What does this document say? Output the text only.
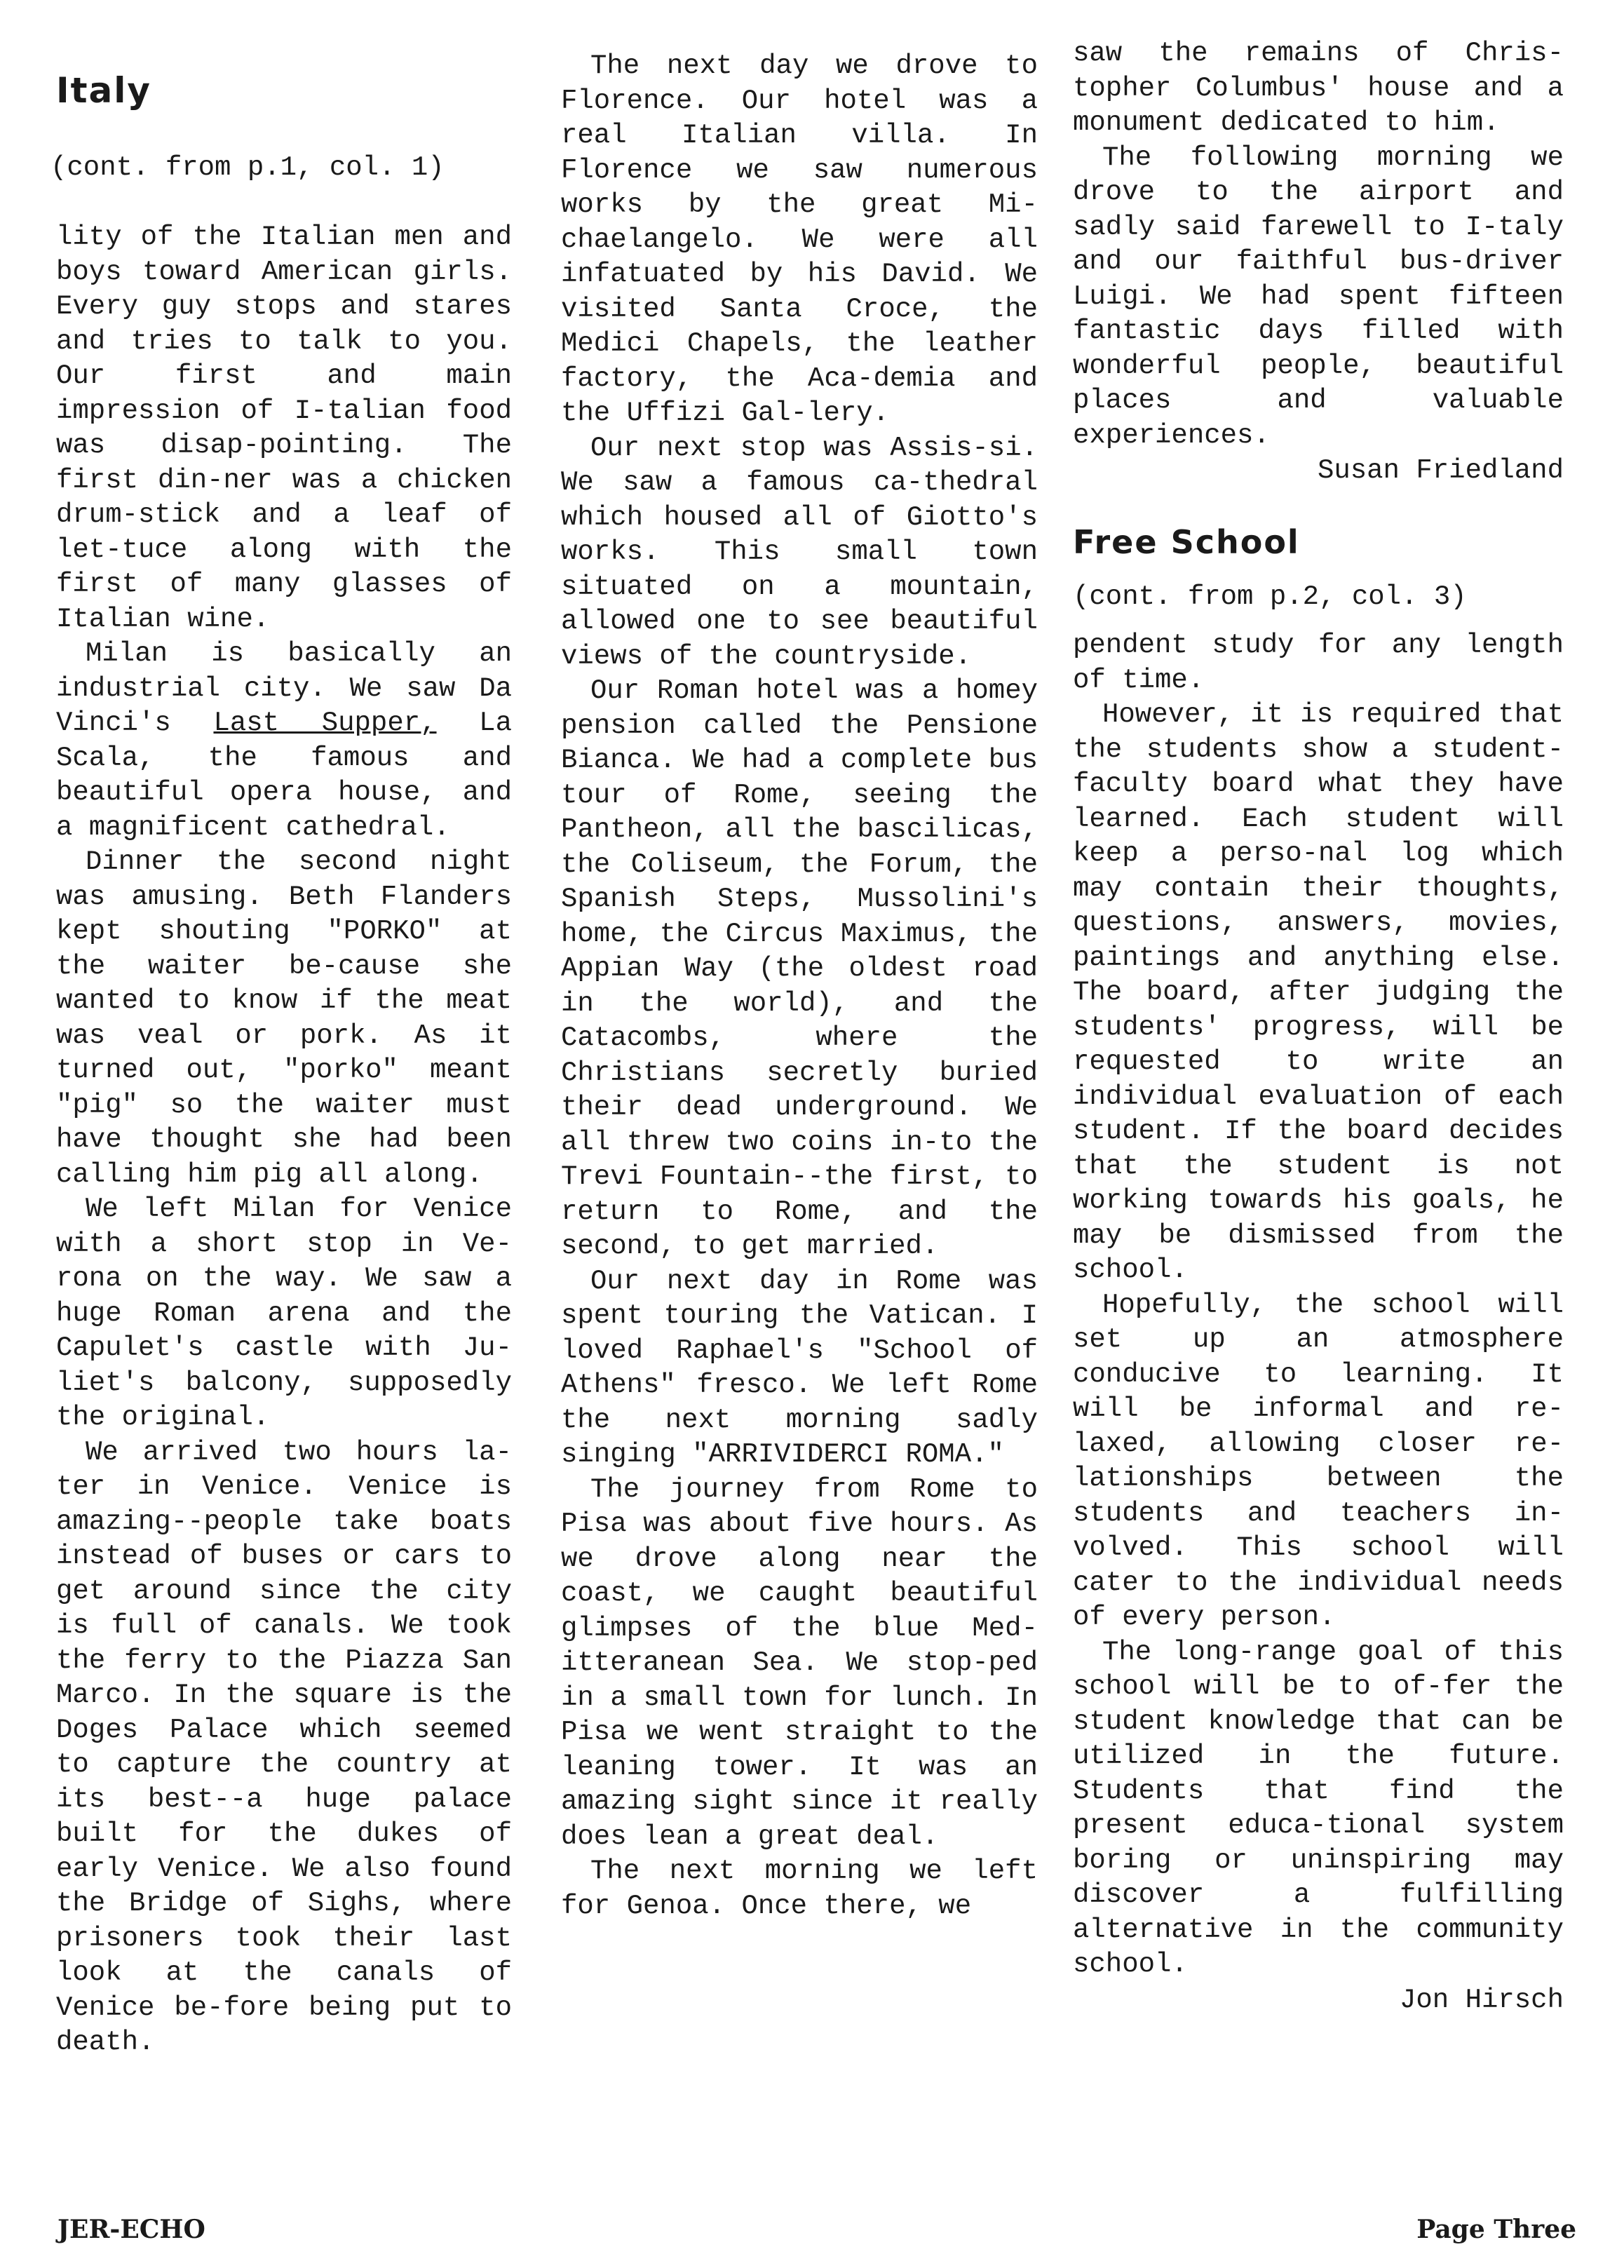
Italy
(cont. from p.1, col. 1)

lity of the Italian men and boys toward American girls. Every guy stops and stares and tries to talk to you. Our first and main impression of I-talian food was disap-pointing. The first din-ner was a chicken drum-stick and a leaf of let-tuce along with the first of many glasses of Italian wine.

Milan is basically an industrial city. We saw Da Vinci's Last Supper, La Scala, the famous and beautiful opera house, and a magnificent cathedral.

Dinner the second night was amusing. Beth Flanders kept shouting "PORKO" at the waiter be-cause she wanted to know if the meat was veal or pork. As it turned out, "porko" meant "pig" so the waiter must have thought she had been calling him pig all along.

We left Milan for Venice with a short stop in Ve-rona on the way. We saw a huge Roman arena and the Capulet's castle with Ju-liet's balcony, supposedly the original.

We arrived two hours la-ter in Venice. Venice is amazing--people take boats instead of buses or cars to get around since the city is full of canals. We took the ferry to the Piazza San Marco. In the square is the Doges Palace which seemed to capture the country at its best--a huge palace built for the dukes of early Venice. We also found the Bridge of Sighs, where prisoners took their last look at the canals of Venice be-fore being put to death.

The next day we drove to Florence. Our hotel was a real Italian villa. In Florence we saw numerous works by the great Mi-chaelangelo. We were all infatuated by his David. We visited Santa Croce, the Medici Chapels, the leather factory, the Aca-demia and the Uffizi Gal-lery.

Our next stop was Assis-si. We saw a famous ca-thedral which housed all of Giotto's works. This small town situated on a mountain, allowed one to see beautiful views of the countryside.

Our Roman hotel was a homey pension called the Pensione Bianca. We had a complete bus tour of Rome, seeing the Pantheon, all the bascilicas, the Coliseum, the Forum, the Spanish Steps, Mussolini's home, the Circus Maximus, the Appian Way (the oldest road in the world), and the Catacombs, where the Christians secretly buried their dead underground. We all threw two coins in-to the Trevi Fountain--the first, to return to Rome, and the second, to get married.

Our next day in Rome was spent touring the Vatican. I loved Raphael's "School of Athens" fresco. We left Rome the next morning sadly singing "ARRIVIDERCI ROMA."

The journey from Rome to Pisa was about five hours. As we drove along near the coast, we caught beautiful glimpses of the blue Med-itteranean Sea. We stop-ped in a small town for lunch. In Pisa we went straight to the leaning tower. It was an amazing sight since it really does lean a great deal.

The next morning we left for Genoa. Once there, we

saw the remains of Chris-topher Columbus' house and a monument dedicated to him.

The following morning we drove to the airport and sadly said farewell to I-taly and our faithful bus-driver Luigi. We had spent fifteen fantastic days filled with wonderful people, beautiful places and valuable experiences.

Susan Friedland
Free School
(cont. from p.2, col. 3)

pendent study for any length of time.

However, it is required that the students show a student-faculty board what they have learned. Each student will keep a perso-nal log which may contain their thoughts, questions, answers, movies, paintings and anything else. The board, after judging the students' progress, will be requested to write an individual evaluation of each student. If the board decides that the student is not working towards his goals, he may be dismissed from the school.

Hopefully, the school will set up an atmosphere conducive to learning. It will be informal and re-laxed, allowing closer re-lationships between the students and teachers in-volved. This school will cater to the individual needs of every person.

The long-range goal of this school will be to of-fer the student knowledge that can be utilized in the future. Students that find the present educa-tional system boring or uninspiring may discover a fulfilling alternative in the community school.

Jon Hirsch
JER-ECHO	Page Three
